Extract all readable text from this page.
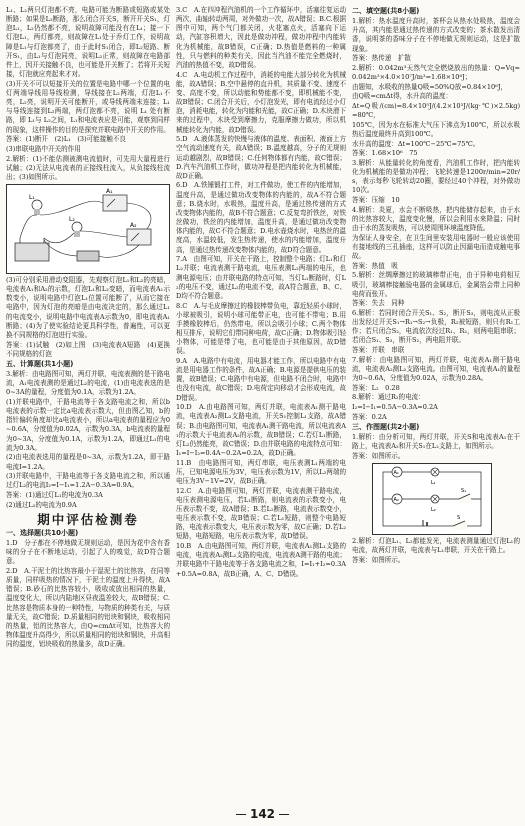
L₁、L₂两只灯泡都不亮，电路可能为断路或短路或某处断路；如果是L₂断路，那么闭合开关S，断开开关S₁，灯泡L₁，L₂仍然都不亮，说明故障可能没有在L₁；接一下灯泡L₁，两灯都亮，则故障在L₁处于乔灯工作，说明故障是L₁与灯泡都亮了，由于此时S₁闭合，即L₂短路、断开S₁，由L₁与灯泡同亮，说明L₂正常，则故障在电路部件上，因开关接触不良，也可能是开关断了；若将开关短接，灯泡就应亮起来才对。

(3)开关不可以短接开关的位置是电路中哪一个位置的电灯两端导线用导线检测，导线接在L₂两端，灯泡L₁不亮，L₂亮，说明开关可能断开，或导线两端未连接；L₁与导线连接到L₂两端，两灯泡都不亮，说明 L₁ 处有断路，即 L₁与 L₂之间，L₁和电流表应是可能，观察到同样的现象，这样操作的目的是探究并联电路中开关的作用。

答案：(1)断开　(2)L₁　(3)可能接触不良

(3)串联电路中开关的作用

2.解析：(1)不能估测被测电流值时，可先用大量程进行试触；(2)无法从电流表的正接线柱流入，从负接线柱流出；(3)如图所示。

A₁
A₂
L₁
L₂

(3)可分别采用滑动变阻器，先观察灯泡L₁和L₂的亮暗，电流表A₁和A₂的示数，灯泡L₁和L₂变暗，而电流表A₁示数变小，说明电路中灯泡L₁位置可能断了，从而它接在电路中，因为灯泡的亮暗是由电流决定的，那么通过L₁的电流变小，说明电路中电流表A示数为0，即电流表A₁断路；(4)为了使实验结论更具科学性，普遍性，可以更换不同规格的灯泡进行实验。

答案：(1)试触　(2)如上图　(3)电流表A短路　(4)更换不同规格的灯泡

五、计算题(共1小题)

3.解析：由电路图可知，两灯并联，电流表测的是干路电流，A₁电流表测的是通过L₂的电流，(1)由电流表选的是0~3A的量程，分度值为0.1A，示数为1.2A。

(1)并联电路中，干路电流等于各支路电流之和，所以b电流表的示数一定比a电流表示数大，但由图乙知，b的指针偏转角度却比a电流表小，所以a电流表的量程应为0~0.6A，分度值为0.02A，示数为0.3A，b电流表的量程为0~3A，分度值为0.1A，示数为1.2A，即通过L₁的电流为0.3A。

(2)由电流表选用的量程是0~3A，示数为1.2A，即干路电流I=1.2A。

(3)并联电路中，干路电流等于各支路电流之和，所以通过灯L₂的电流I₂=I−I₁=1.2A−0.3A=0.9A。

答案：(1)通过灯L₁的电流为0.3A

(2)通过L₂的电流为0.9A

期中评估检测卷
一、选择题(共10小题)

1.D　分子都在不停地做无规则运动，是因为花中含有香味的分子在不断地运动，引起了人的嗅觉，故D符合题意。

2.D　A.干泥土的比热容最小于湿泥土的比热容，在同等质量，同样吸热的情况下，干泥土的温度上升得快，故A错误；B.砂石的比热容较小，吸收或放出相同的热量，温度变化大，所以内陆地区昼夜温差较大，故B错误；C.比热容是物质本身的一种特性，与物质的种类有关，与质量无关，故C错误；D.质量相同的铝块和铜块，吸收相同的热量，铝的比热容大，由Q=cmΔt可知，比热容大的物体温度升高得少，所以质量相同的铝块和铜块，升高相同的温度，铝块吸收的热量多，故D正确。

3.C　A.在四冲程汽油机的一个工作循环中，活塞往复运动两次，曲轴转动两周，对外做功一次，故A错误；B.C.根据图中可知，两个气门都关闭，火花塞点火，活塞向下运动，汽缸容积增大，因此是做功冲程，做功冲程中内能转化为机械能，故B错误，C正确；D.热值是燃料的一种属性，只与燃料的种类有关，因此当汽油不能完全燃烧时，汽油的热值不变，故D错误。

4.C　A.电动机工作过程中，消耗的电能大部分转化为机械能，故A错误；B.空中悬停的直升机，其质量不变、速度不变、高度不变，所以动能和势能都不变，即机械能不变，故B错误；C.闭合开关后，小灯泡发光，即有电流经过小灯泡，消耗电能，转化为内能和光能，故C正确；D.木块滑下来的过程中，木块受到摩擦力，克服摩擦力做功，所以机械能转化为内能，故D错误。

5.D　A.液体蒸发的快慢与液体的温度、表面积、液面上方空气流动速度有关，故A错误；B.温度越高，分子的无规则运动越剧烈，故B错误；C.任何物体都有内能，故C错误；D.汽车汽油机工作时，做功冲程是把内能转化为机械能，故D正确。

6.D　A.铁锤锻打工件，对工件做功，使工件的内能增加，温度升高，是通过做功改变物体的内能的，故A不符合题意；B.烧水时，水吸热，温度升高，是通过热传递的方式改变物体内能的，故B不符合题意；C.反复弯折铁丝，对铁丝做功，铁丝的内能增加，温度升高，是通过做功改变物体内能的，故C不符合题意；D.电水壶烧水时，电热丝的温度高，水温较低，发生热传递，使水的内能增加，温度升高，是通过热传递改变物体内能的，故D符合题意。

7.A　由图可知，开关在干路上，控制整个电路；灯L₁和灯L₂并联；电流表测干路电流，电压表测L₂两端的电压，也测电源电压；由并联电路的特点可知，当灯L₁断路时，灯L₂的电压不变，通过L₂的电流不变，故A符合题意，B、C、D均不符合题意。

8.C　A.与毛皮摩擦过的橡胶棒带负电，靠近轻质小球时，小球被吸引，说明小球可能带正电，也可能不带电；B.用手摸橡胶棒后，仍然带电，所以会吸引小球；C.两个物体相互排斥，说明它们带同种电荷，故C正确；D.物体吸引轻小物体，可能是带了电，也可能是由于其他原因，故D错误。

9.A　A.电路中有电流，用电器才能工作，所以电路中有电流是用电器工作的条件，故A正确；B.电源是提供电压的装置，故B错误；C.电路中有电源，但电路不闭合时，电路中也没有电流，故C错误；D.电荷定向移动才会形成电流，故D错误。

10.D　A.由电路图可知，两灯并联，电流表A₁测干路电流，电流表A₂测L₂支路电流，开关S₁控制L₁支路，故A错误；B.由电路图可知，电流表A₁测干路电流，所以电流表A₁的示数大于电流表A₂的示数，故B错误；C.若灯L₁断路，灯L₂仍然能亮，故C错误；D.由并联电路的电流特点可知：I₁=I−I₂=0.4A−0.2A=0.2A，故D正确。

11.B　由电路图可知，两灯串联，电压表测L₁两端的电压，已知电源电压为3V，电压表示数为1V，所以L₂两端的电压为3V−1V=2V，故B正确。

12.C　A.由电路图可知，两灯并联，电流表测干路电流，电压表测电源电压，若L₁断路，则电流表的示数变小，电压表示数不变，故A错误；B.若L₂断路，电流表示数变小，电压表示数不变，故B错误；C.若L₁短路，则整个电路短路，电流表示数变大，电压表示数为零，故C正确；D.若L₂短路，电路短路，电压表示数为零，故D错误。

10.B　A.由电路图可知，两灯并联，电流表A₁测L₁支路的电流，电流表A₂测L₂支路的电流，电流表A测干路的电流；并联电路中干路电流等于各支路电流之和，I=I₁+I₂=0.3A+0.5A=0.8A，故B正确，A、C、D错误。

二、填空题(共8小题)

1.解析：热水温度升高时，茶杯会从热水处吸热，温度会升高，其内能是通过热传递的方式改变的；茶水散发出清香，说明茶的香味分子在不停地做无规则运动，这是扩散现象。

答案：热传递　扩散

2.解析：0.042m³天然气完全燃烧放出的热量：Q=Vq=0.042m³×4.0×10⁷J/m³=1.68×10⁶J；

由题知，水吸收的热量Q吸=50%Q放=0.84×10⁶J，

由Q吸=cmΔt得，水升高的温度：

Δt=Q吸/(cm)=8.4×10⁵J/(4.2×10³J/(kg·℃)×2.5kg)=80℃，

105℃，因为水在标准大气压下沸点为100℃，所以水吸热后温度最终升高到100℃。

水升高的温度：Δt=100℃−25℃=75℃。

答案：1.68×10⁶　75

3.解析：从能量转化的角度看，汽油机工作时，把内能转化为机械能的是做功冲程；飞轮转速是1200r/min=20r/s，表示每秒飞轮转动20圈，要经过40个冲程，对外做功10次。

答案：压缩　10

4.解析：炎夏，水会不断吸热，把内能储存起来，由于水的比热容较大，温度变化慢，所以会利用水来降温；同时由于水的蒸发吸热，可以使周围环境温度降低。

为保证人身安全，在卫生间里安装用电器时一般应该使用有接地线的三孔插座，这样可以防止因漏电而造成触电事故。

答案：热值　吸

5.解析：丝绸摩擦过的玻璃棒带正电，由于异种电荷相互吸引，玻璃棒接触验电器的金属球后，金属箔会带上同种电荷而张开。

答案：失去　同种

6.解析：若同时闭合开关S₁、S₂，断开S₃，则电流从正极出发经过开关S₁→R₁→S₂→负极，R₂被短路，则只有R₁工作；若只闭合S₂，电流依次经过R₁、R₂，则两电阻串联；若闭合S₁、S₃，断开S₂，两电阻并联。

答案：并联　串联

7.解析：由电路图可知，两灯并联，电流表A₁测干路电流，电流表A₂测L₂支路电流。由图可知，电流表A₁的量程为0~0.6A，分度值为0.02A，示数为0.28A。

答案：L₂　0.28

8.解析：通过R₂的电流：

I₂=I−I₁=0.5A−0.3A=0.2A

答案：0.2A

三、作图题(共2小题)

1.解析：由分析可知，两灯并联，开关S和电流表A₁在干路上，电流表A₂和开关S₁在L₂支路上，如图所示。

答案：如图所示。

A₁
A₂
L₁
L₂
S
S₁

2.解析：灯泡L₁、L₂都能发光，电流表测量通过灯泡L₁的电流，故两灯并联，电流表与L₁串联，开关在干路上。

答案：如图所示。

142
